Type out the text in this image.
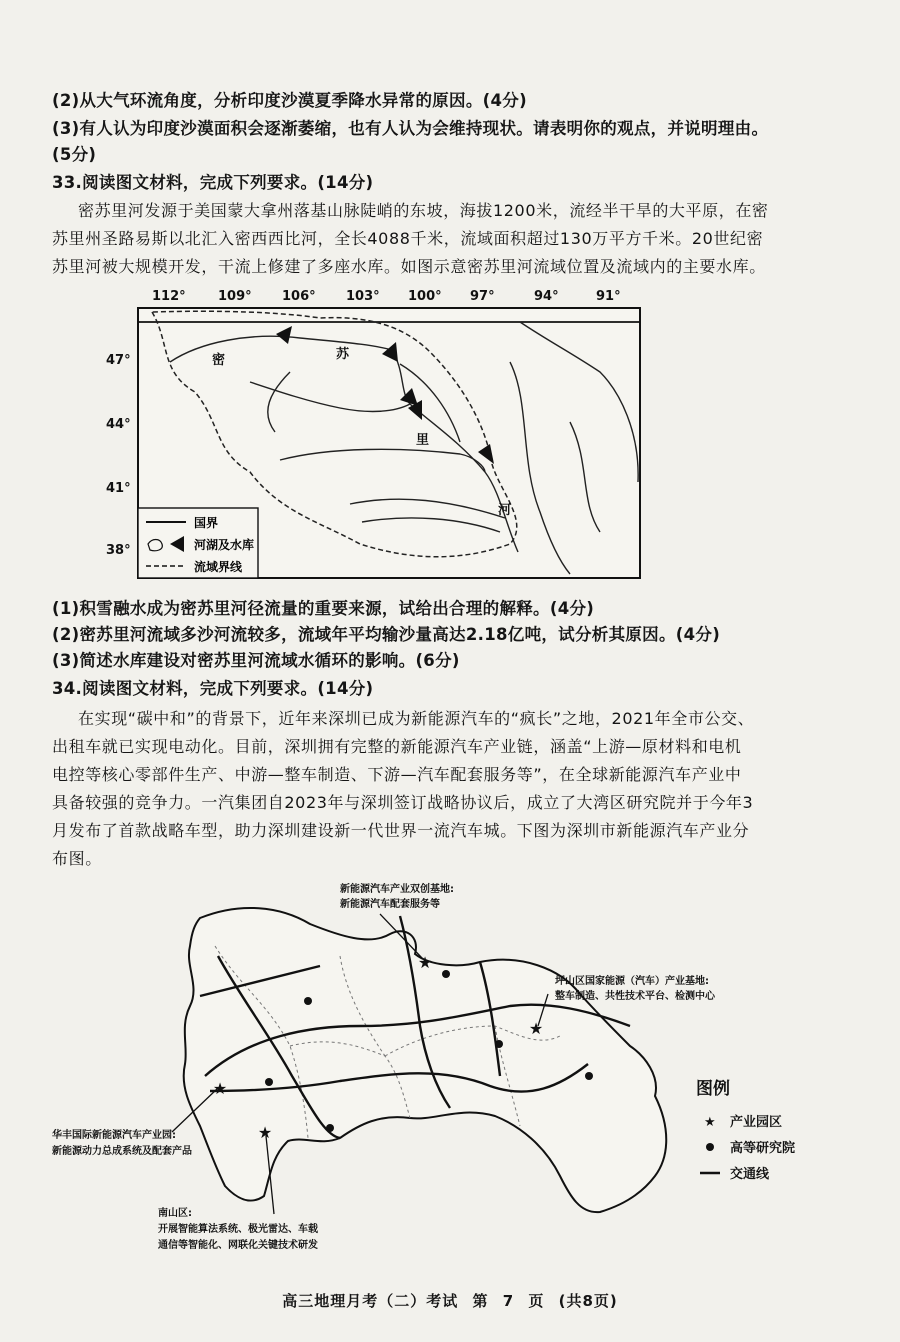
(2)从大气环流角度，分析印度沙漠夏季降水异常的原因。(4分)
(3)有人认为印度沙漠面积会逐渐萎缩，也有人认为会维持现状。请表明你的观点，并说明理由。
(5分)
33.阅读图文材料，完成下列要求。(14分)
密苏里河发源于美国蒙大拿州落基山脉陡峭的东坡，海拔1200米，流经半干旱的大平原，在密
苏里州圣路易斯以北汇入密西西比河，全长4088千米，流域面积超过130万平方千米。20世纪密
苏里河被大规模开发，干流上修建了多座水库。如图示意密苏里河流域位置及流域内的主要水库。
112° 109° 106° 103° 100° 97°	94°	91°
47°
44°
41°
38°
密	苏
里
河
国界
河湖及水库
流域界线
(1)积雪融水成为密苏里河径流量的重要来源，试给出合理的解释。(4分)
(2)密苏里河流域多沙河流较多，流域年平均输沙量高达2.18亿吨，试分析其原因。(4分)
(3)简述水库建设对密苏里河流域水循环的影响。(6分)
34.阅读图文材料，完成下列要求。(14分)
在实现“碳中和”的背景下，近年来深圳已成为新能源汽车的“疯长”之地，2021年全市公交、
出租车就已实现电动化。目前，深圳拥有完整的新能源汽车产业链，涵盖“上游—原材料和电机
电控等核心零部件生产、中游—整车制造、下游—汽车配套服务等”，在全球新能源汽车产业中
具备较强的竞争力。一汽集团自2023年与深圳签订战略协议后，成立了大湾区研究院并于今年3
月发布了首款战略车型，助力深圳建设新一代世界一流汽车城。下图为深圳市新能源汽车产业分
布图。
★
★
★
★
新能源汽车产业双创基地:
新能源汽车配套服务等
坪山区国家能源（汽车）产业基地:
整车制造、共性技术平台、检测中心
华丰国际新能源汽车产业园:
新能源动力总成系统及配套产品
南山区:
开展智能算法系统、极光雷达、车载
通信等智能化、网联化关键技术研发
图例
★ 产业园区
高等研究院
交通线
高三地理月考（二）考试 第 7 页 (共8页)
